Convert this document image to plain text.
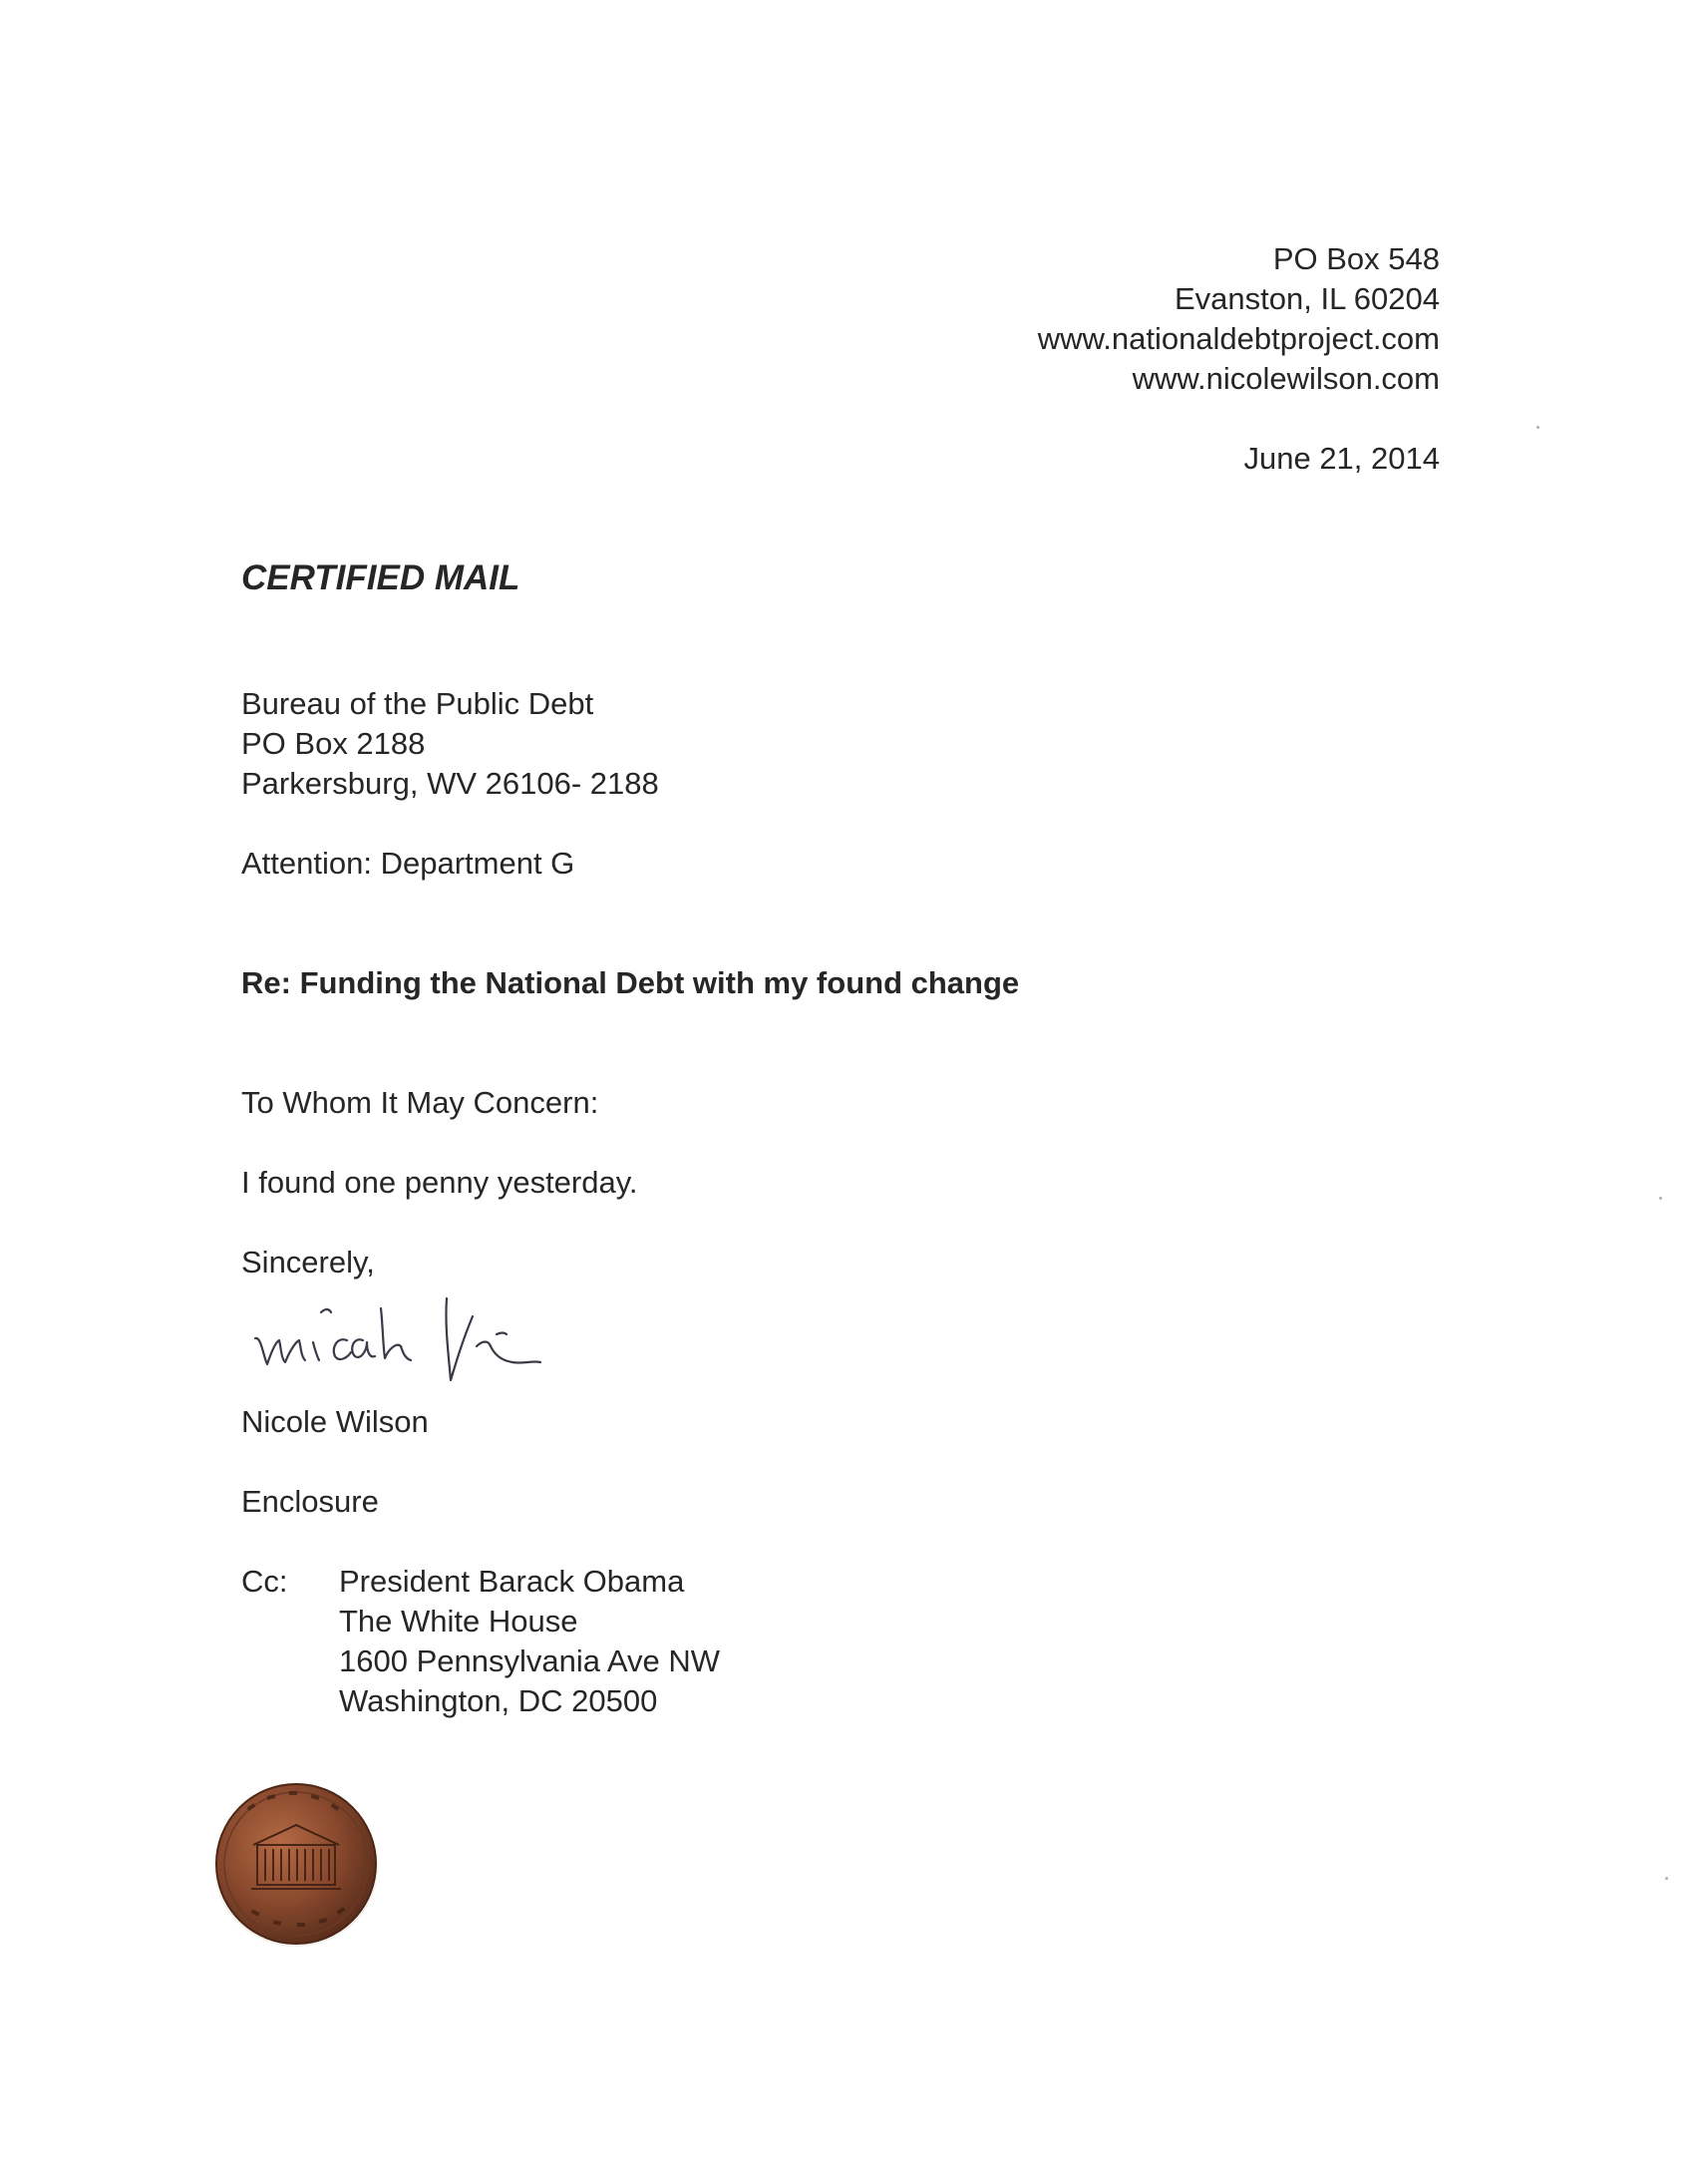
PO Box 548
Evanston, IL 60204
www.nationaldebtproject.com
www.nicolewilson.com
June 21, 2014
CERTIFIED MAIL
Bureau of the Public Debt
PO Box 2188
Parkersburg, WV 26106- 2188
Attention: Department G
Re: Funding the National Debt with my found change
To Whom It May Concern:
I found one penny yesterday.
Sincerely,
Nicole Wilson
Enclosure
Cc: President Barack Obama
The White House
1600 Pennsylvania Ave NW
Washington, DC 20500
